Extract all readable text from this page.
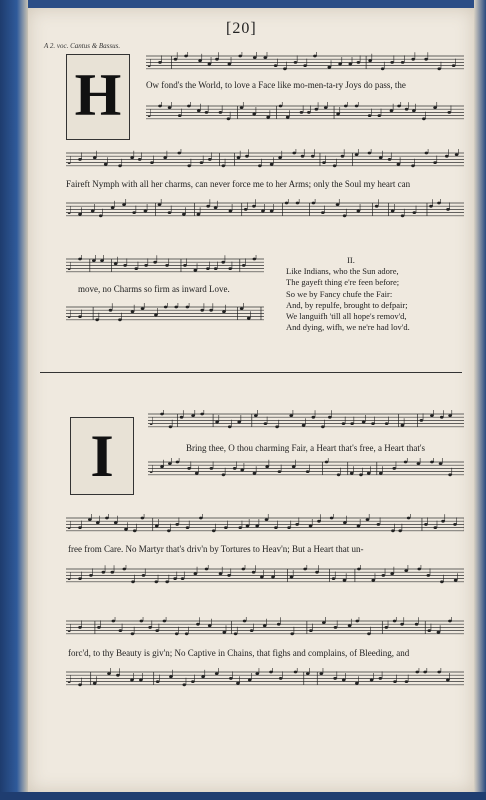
[20]
A 2. voc. Cantus & Bassus.
H	♩
Ow fond's the World, to love a Face like mo-men-ta-ry Joys do pass, the
♩
♩
Faireft Nymph with all her charms, can never force me to her Arms; only the Soul my heart can
♩
♩
move, no Charms so firm as inward Love.
♩
II.
Like Indians, who the Sun adore,
The gayeft thing e're feen before;
So we by Fancy chufe the Fair:
And, by repulfe, brought to defpair;
We languifh 'till all hope's remov'd,
And dying, wifh, we ne're had lov'd.
I
♩
Bring thee, O thou charming Fair, a Heart that's free, a Heart that's
♩
♩
free from Care. No Martyr that's driv'n by Tortures to Heav'n; But a Heart that un-
♩
♩
forc'd, to thy Beauty is giv'n; No Captive in Chains, that fighs and complains, of Bleeding, and
♩
